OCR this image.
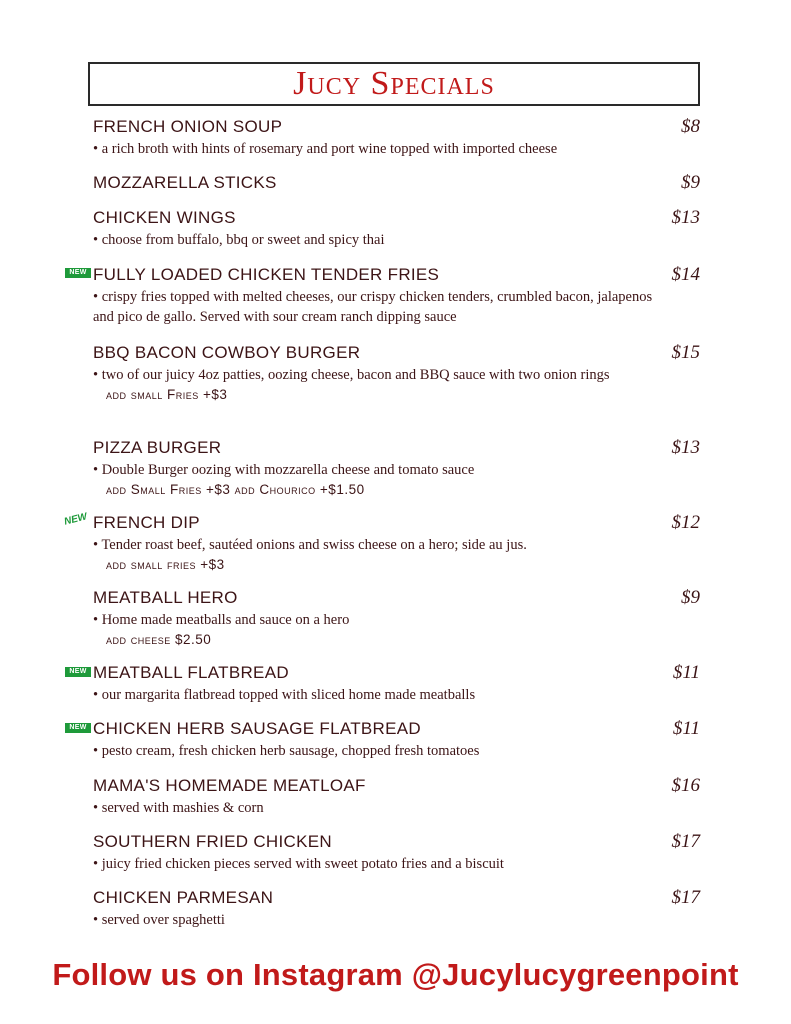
Jucy Specials
FRENCH ONION SOUP	$8
• a rich broth with hints of rosemary and port wine topped with imported cheese
MOZZARELLA STICKS	$9
CHICKEN WINGS	$13
• choose from buffalo, bbq or sweet and spicy thai
NEW FULLY LOADED CHICKEN TENDER FRIES	$14
• crispy fries topped with melted cheeses, our crispy chicken tenders, crumbled bacon, jalapenos and pico de gallo. Served with sour cream ranch dipping sauce
BBQ BACON COWBOY BURGER	$15
• two of our juicy 4oz patties, oozing cheese, bacon and BBQ sauce with two onion rings
add small Fries +$3
PIZZA BURGER	$13
• Double Burger oozing with mozzarella cheese and tomato sauce
add Small Fries +$3 add Chourico +$1.50
NEW FRENCH DIP	$12
• Tender roast beef, sautéed onions and swiss cheese on a hero; side au jus.
add small fries +$3
MEATBALL HERO	$9
• Home made meatballs and sauce on a hero
add cheese $2.50
NEW MEATBALL FLATBREAD	$11
• our margarita flatbread topped with sliced home made meatballs
NEW CHICKEN HERB SAUSAGE FLATBREAD	$11
• pesto cream, fresh chicken herb sausage, chopped fresh tomatoes
MAMA'S HOMEMADE MEATLOAF	$16
• served with mashies & corn
SOUTHERN FRIED CHICKEN	$17
• juicy fried chicken pieces served with sweet potato fries and a biscuit
CHICKEN PARMESAN	$17
• served over spaghetti
Follow us on Instagram @Jucylucygreenpoint
